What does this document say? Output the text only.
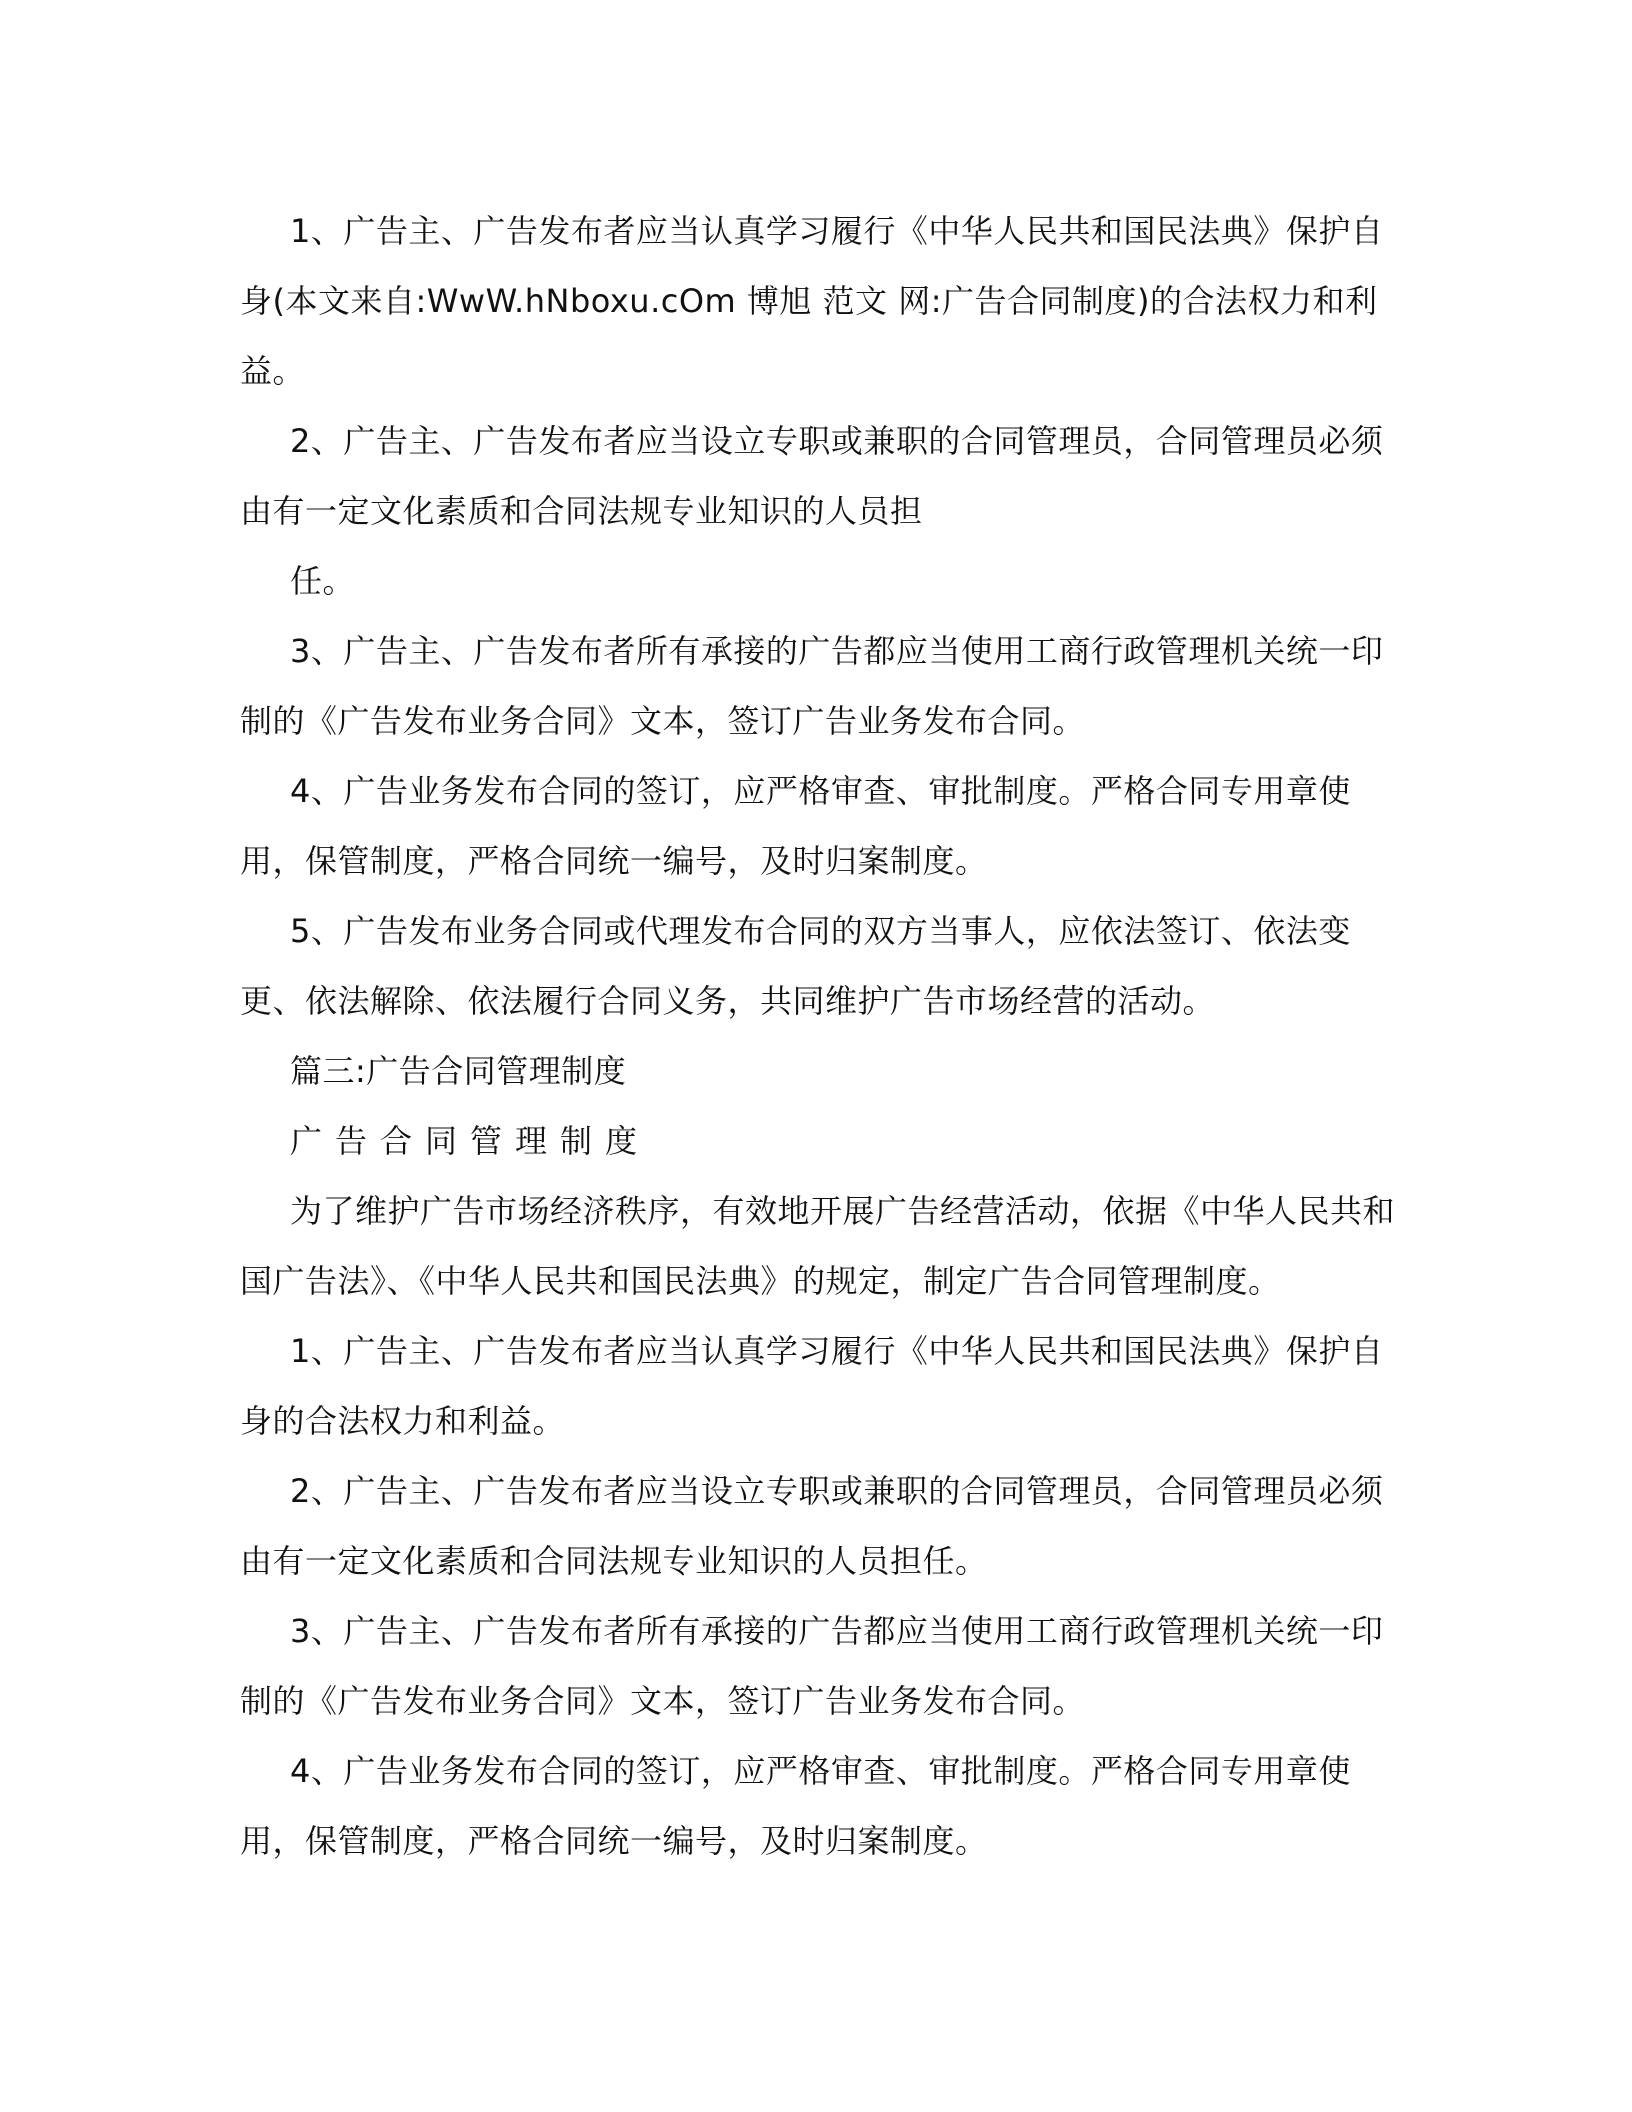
1、广告主、广告发布者应当认真学习履行《中华人民共和国民法典》保护自
身(本文来自:WwW.hNboxu.cOm 博旭 范文 网:广告合同制度)的合法权力和利
益。
2、广告主、广告发布者应当设立专职或兼职的合同管理员，合同管理员必须
由有一定文化素质和合同法规专业知识的人员担
任。
3、广告主、广告发布者所有承接的广告都应当使用工商行政管理机关统一印
制的《广告发布业务合同》文本，签订广告业务发布合同。
4、广告业务发布合同的签订，应严格审查、审批制度。严格合同专用章使
用，保管制度，严格合同统一编号，及时归案制度。
5、广告发布业务合同或代理发布合同的双方当事人，应依法签订、依法变
更、依法解除、依法履行合同义务，共同维护广告市场经营的活动。
篇三:广告合同管理制度
广告合同管理制度
为了维护广告市场经济秩序，有效地开展广告经营活动，依据《中华人民共和
国广告法》、《中华人民共和国民法典》的规定，制定广告合同管理制度。
1、广告主、广告发布者应当认真学习履行《中华人民共和国民法典》保护自
身的合法权力和利益。
2、广告主、广告发布者应当设立专职或兼职的合同管理员，合同管理员必须
由有一定文化素质和合同法规专业知识的人员担任。
3、广告主、广告发布者所有承接的广告都应当使用工商行政管理机关统一印
制的《广告发布业务合同》文本，签订广告业务发布合同。
4、广告业务发布合同的签订，应严格审查、审批制度。严格合同专用章使
用，保管制度，严格合同统一编号，及时归案制度。
